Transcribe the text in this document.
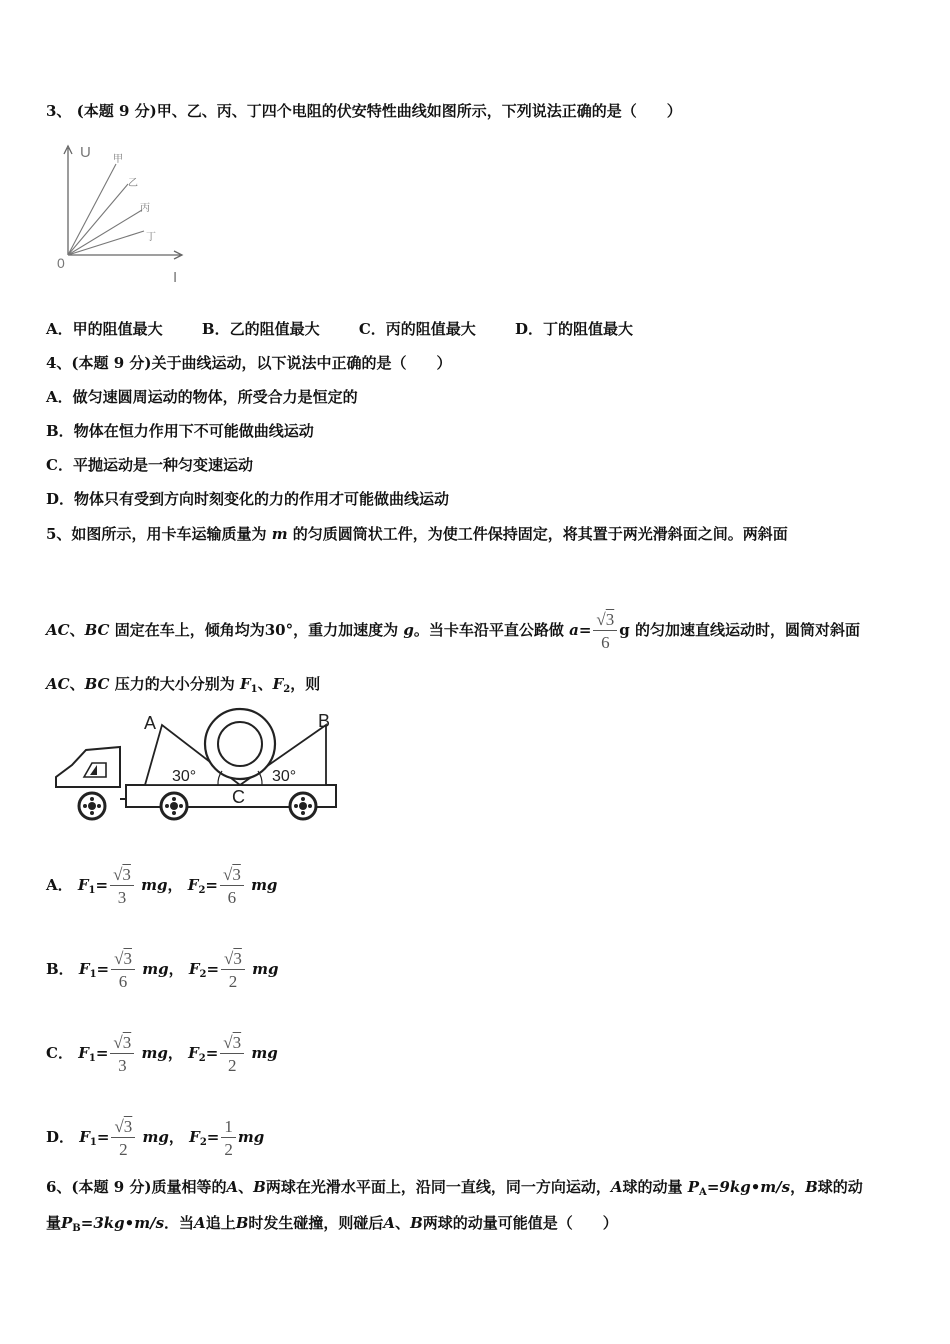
3、 (本题 9 分)甲、乙、丙、丁四个电阻的伏安特性曲线如图所示，下列说法正确的是（　　）
U
0
I
甲
乙
丙
丁
A．甲的阻值最大	B．乙的阻值最大	C．丙的阻值最大	D．丁的阻值最大
4、(本题 9 分)关于曲线运动，以下说法中正确的是（　　）
A．做匀速圆周运动的物体，所受合力是恒定的
B．物体在恒力作用下不可能做曲线运动
C．平抛运动是一种匀变速运动
D．物体只有受到方向时刻变化的力的作用才可能做曲线运动
5、如图所示，用卡车运输质量为 m 的匀质圆筒状工件，为使工件保持固定，将其置于两光滑斜面之间。两斜面
AC、BC 固定在车上，倾角均为30°，重力加速度为 g。当卡车沿平直公路做 $a= \frac{√3}{6}$ g 的匀加速直线运动时，圆筒对斜面
AC、BC 压力的大小分别为 $F_1$、$F_2$，则
30°	30°
A	B
C
A． $F_1= \frac{√3}{3}$ mg， $F_2= \frac{√3}{6}$ mg
B． $F_1= \frac{√3}{6}$ mg， $F_2= \frac{√3}{2}$ mg
C． $F_1= \frac{√3}{3}$ mg， $F_2= \frac{√3}{2}$ mg
D． $F_1= \frac{√3}{2}$ mg， $F_2= \frac{1}{2}$ mg
6、(本题 9 分)质量相等的A、B两球在光滑水平面上，沿同一直线，同一方向运动，A球的动量 $P_A=9kg•m/s$，B球的动
量$P_B=3kg•m/s$．当A追上B时发生碰撞，则碰后A、B两球的动量可能值是（　　）
